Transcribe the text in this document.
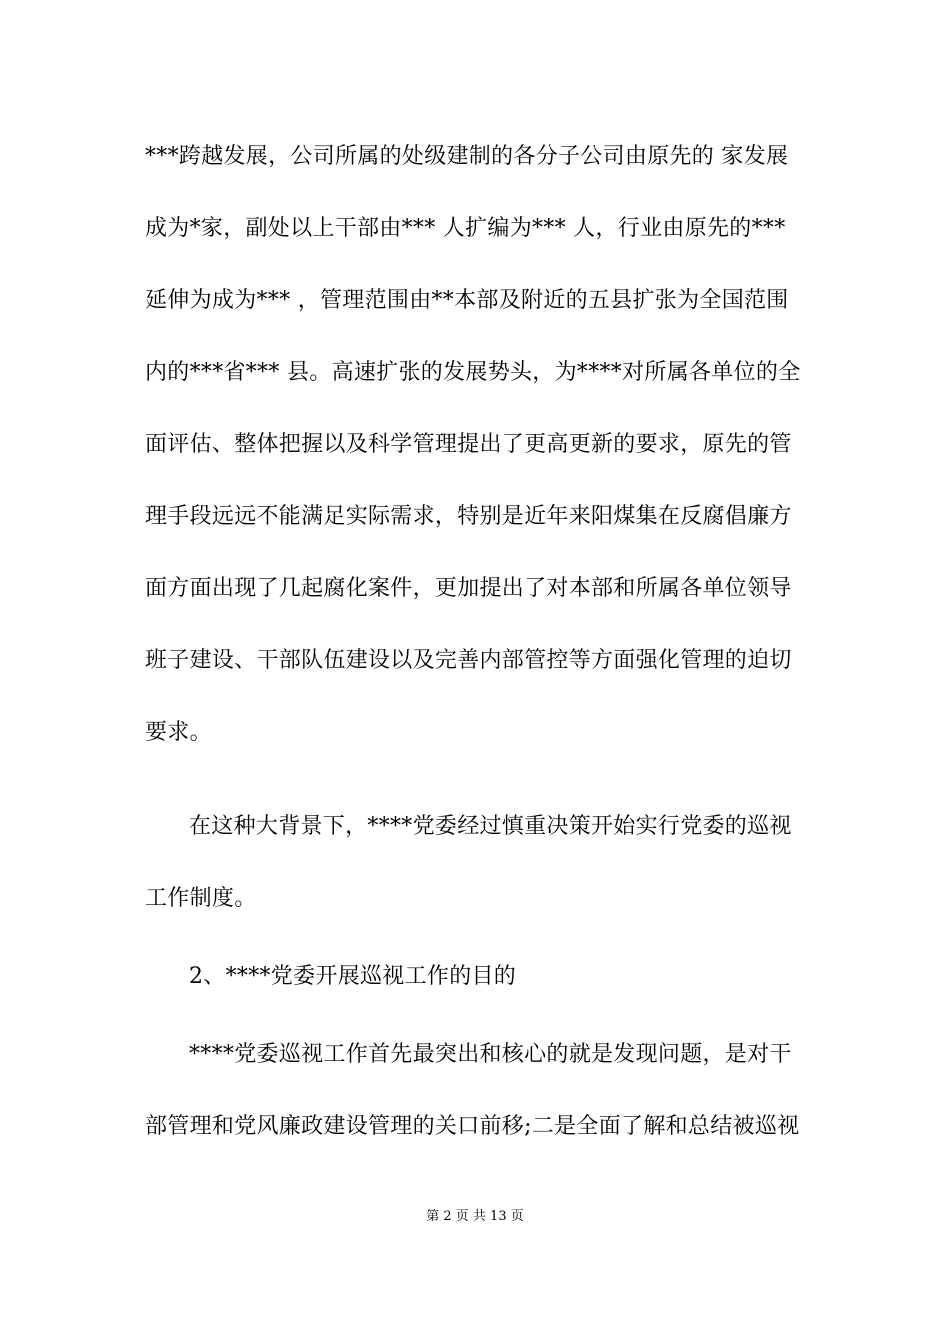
***跨越发展，公司所属的处级建制的各分子公司由原先的 家发展
成为*家，副处以上干部由*** 人扩编为*** 人，行业由原先的***
延伸为成为*** ，管理范围由**本部及附近的五县扩张为全国范围
内的***省*** 县。高速扩张的发展势头，为****对所属各单位的全
面评估、整体把握以及科学管理提出了更高更新的要求，原先的管
理手段远远不能满足实际需求，特别是近年来阳煤集在反腐倡廉方
面方面出现了几起腐化案件，更加提出了对本部和所属各单位领导
班子建设、干部队伍建设以及完善内部管控等方面强化管理的迫切
要求。
在这种大背景下，****党委经过慎重决策开始实行党委的巡视
工作制度。
2、****党委开展巡视工作的目的
****党委巡视工作首先最突出和核心的就是发现问题，是对干
部管理和党风廉政建设管理的关口前移;二是全面了解和总结被巡视
第 2 页 共 13 页
